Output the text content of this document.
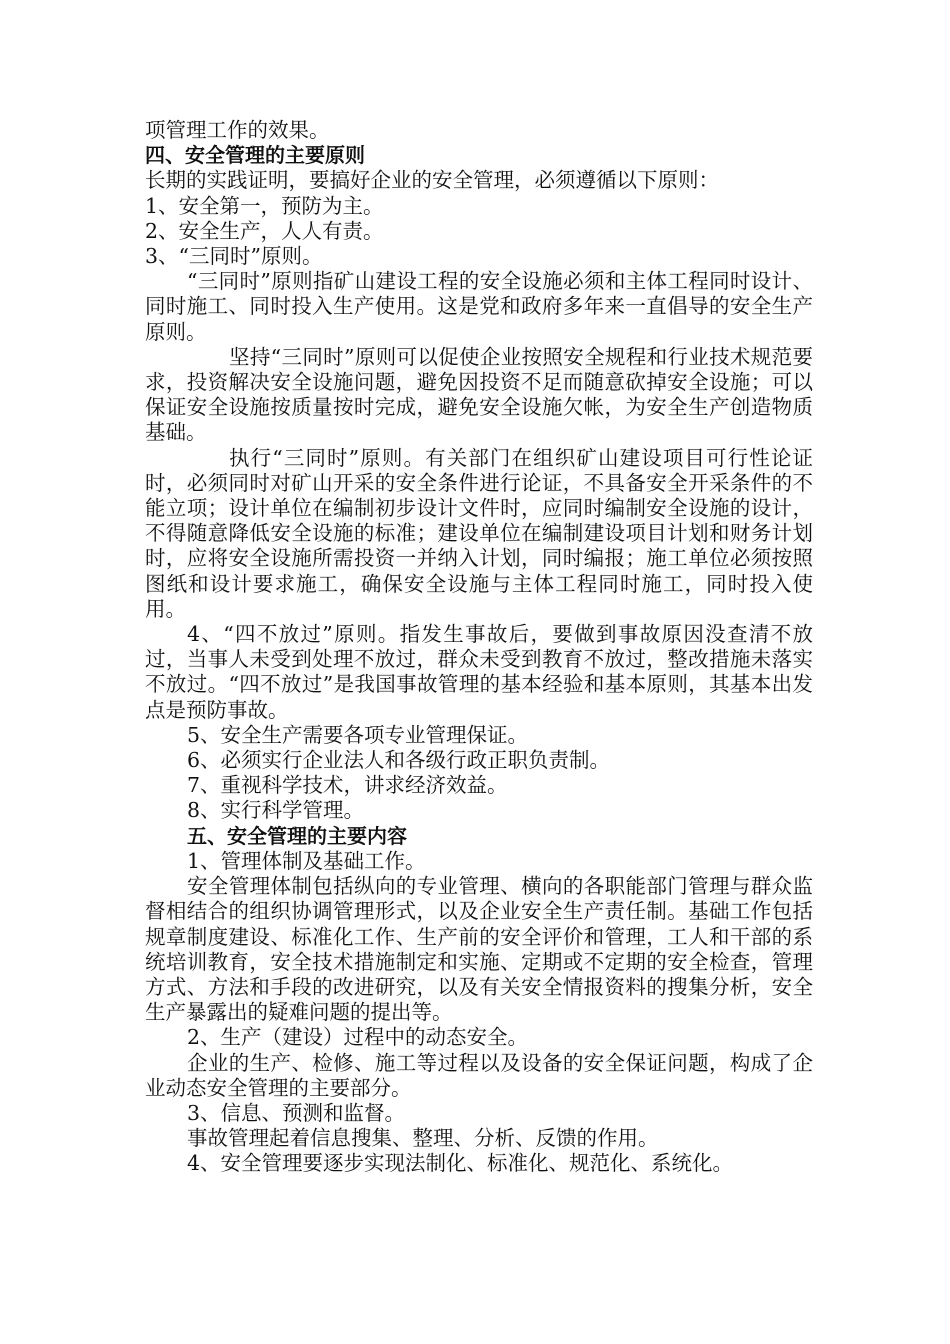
项管理工作的效果。

四、安全管理的主要原则

长期的实践证明，要搞好企业的安全管理，必须遵循以下原则：

1、安全第一，预防为主。

2、安全生产，人人有责。

3、“三同时”原则。

“三同时”原则指矿山建设工程的安全设施必须和主体工程同时设计、同时施工、同时投入生产使用。这是党和政府多年来一直倡导的安全生产原则。

坚持“三同时”原则可以促使企业按照安全规程和行业技术规范要求，投资解决安全设施问题，避免因投资不足而随意砍掉安全设施；可以保证安全设施按质量按时完成，避免安全设施欠帐，为安全生产创造物质基础。

执行“三同时”原则。有关部门在组织矿山建设项目可行性论证时，必须同时对矿山开采的安全条件进行论证，不具备安全开采条件的不能立项；设计单位在编制初步设计文件时，应同时编制安全设施的设计，不得随意降低安全设施的标准；建设单位在编制建设项目计划和财务计划时，应将安全设施所需投资一并纳入计划，同时编报；施工单位必须按照图纸和设计要求施工，确保安全设施与主体工程同时施工，同时投入使用。

4、“四不放过”原则。指发生事故后，要做到事故原因没查清不放过，当事人未受到处理不放过，群众未受到教育不放过，整改措施未落实不放过。“四不放过”是我国事故管理的基本经验和基本原则，其基本出发点是预防事故。

5、安全生产需要各项专业管理保证。

6、必须实行企业法人和各级行政正职负责制。

7、重视科学技术，讲求经济效益。

8、实行科学管理。

五、安全管理的主要内容

1、管理体制及基础工作。

安全管理体制包括纵向的专业管理、横向的各职能部门管理与群众监督相结合的组织协调管理形式，以及企业安全生产责任制。基础工作包括规章制度建设、标准化工作、生产前的安全评价和管理，工人和干部的系统培训教育，安全技术措施制定和实施、定期或不定期的安全检查，管理方式、方法和手段的改进研究，以及有关安全情报资料的搜集分析，安全生产暴露出的疑难问题的提出等。

2、生产（建设）过程中的动态安全。

企业的生产、检修、施工等过程以及设备的安全保证问题，构成了企业动态安全管理的主要部分。

3、信息、预测和监督。

事故管理起着信息搜集、整理、分析、反馈的作用。

4、安全管理要逐步实现法制化、标准化、规范化、系统化。
